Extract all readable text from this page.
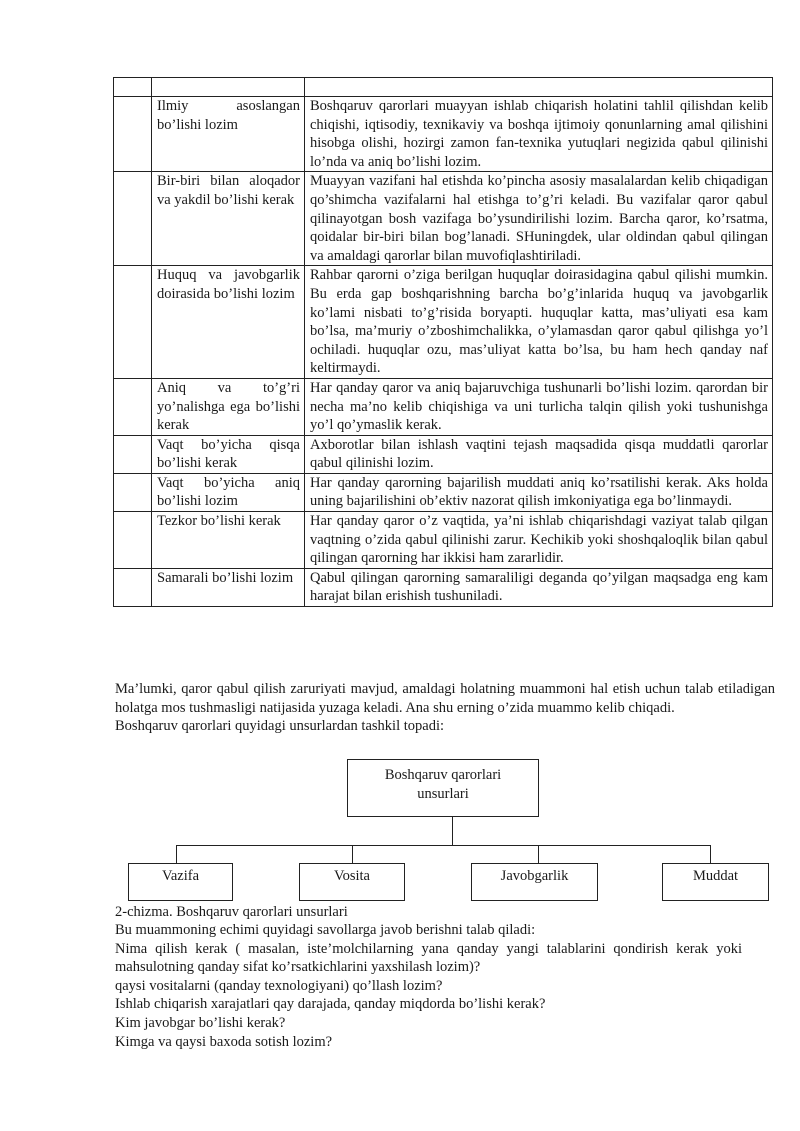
	Ilmiy asoslangan bo’lishi lozim	Boshqaruv qarorlari muayyan ishlab chiqarish holatini tahlil qilishdan kelib chiqishi, iqtisodiy, texnikaviy va boshqa ijtimoiy qonunlarning amal qilishini hisobga olishi, hozirgi zamon fan-texnika yutuqlari negizida qabul qilinishi lo’nda va aniq bo’lishi lozim.
	Bir-biri bilan aloqador va yakdil bo’lishi kerak	Muayyan vazifani hal etishda ko’pincha asosiy masalalardan kelib chiqadigan qo’shimcha vazifalarni hal etishga to’g’ri keladi. Bu vazifalar qaror qabul qilinayotgan bosh vazifaga bo’ysundirilishi lozim. Barcha qaror, ko’rsatma, qoidalar bir-biri bilan bog’lanadi. SHuningdek, ular oldindan qabul qilingan va amaldagi qarorlar bilan muvofiqlashtiriladi.
	Huquq va javobgarlik doirasida bo’lishi lozim	Rahbar qarorni o’ziga berilgan huquqlar doirasidagina qabul qilishi mumkin. Bu erda gap boshqarishning barcha bo’g’inlarida huquq va javobgarlik ko’lami nisbati to’g’risida boryapti. huquqlar katta, mas’uliyati esa kam bo’lsa, ma’muriy o’zboshimchalikka, o’ylamasdan qaror qabul qilishga yo’l ochiladi. huquqlar ozu, mas’uliyat katta bo’lsa, bu ham hech qanday naf keltirmaydi.
	Aniq va to’g’ri yo’nalishga ega bo’lishi kerak	Har qanday qaror va aniq bajaruvchiga tushunarli bo’lishi lozim. qarordan bir necha ma’no kelib chiqishiga va uni turlicha talqin qilish yoki tushunishga yo’l qo’ymaslik kerak.
	Vaqt bo’yicha qisqa bo’lishi kerak	Axborotlar bilan ishlash vaqtini tejash maqsadida qisqa muddatli qarorlar qabul qilinishi lozim.
	Vaqt bo’yicha aniq bo’lishi lozim	Har qanday qarorning bajarilish muddati aniq ko’rsatilishi kerak. Aks holda uning bajarilishini ob’ektiv nazorat qilish imkoniyatiga ega bo’linmaydi.
	Tezkor bo’lishi kerak	Har qanday qaror o’z vaqtida, ya’ni ishlab chiqarishdagi vaziyat talab qilgan vaqtning o’zida qabul qilinishi zarur. Kechikib yoki shoshqaloqlik bilan qabul qilingan qarorning har ikkisi ham zararlidir.
	Samarali bo’lishi lozim	Qabul qilingan qarorning samaraliligi deganda qo’yilgan maqsadga eng kam harajat bilan erishish tushuniladi.

Ma’lumki, qaror qabul qilish zaruriyati mavjud, amaldagi holatning muammoni hal etish uchun talab etiladigan holatga mos tushmasligi natijasida yuzaga keladi. Ana shu erning o’zida muammo kelib chiqadi.

Boshqaruv qarorlari quyidagi unsurlardan tashkil topadi:

Boshqaruv qarorlari
unsurlari
Vazifa	Vosita	Javobgarlik	Muddat
2-chizma. Boshqaruv qarorlari unsurlari

Bu muammoning echimi quyidagi savollarga javob berishni talab qiladi:

Nima qilish kerak ( masalan, iste’molchilarning yana qanday yangi talablarini qondirish kerak yoki mahsulotning qanday sifat ko’rsatkichlarini yaxshilash lozim)?

qaysi vositalarni (qanday texnologiyani) qo’llash lozim?

Ishlab chiqarish xarajatlari qay darajada, qanday miqdorda bo’lishi kerak?

Kim javobgar bo’lishi kerak?

Kimga va qaysi baxoda sotish lozim?
